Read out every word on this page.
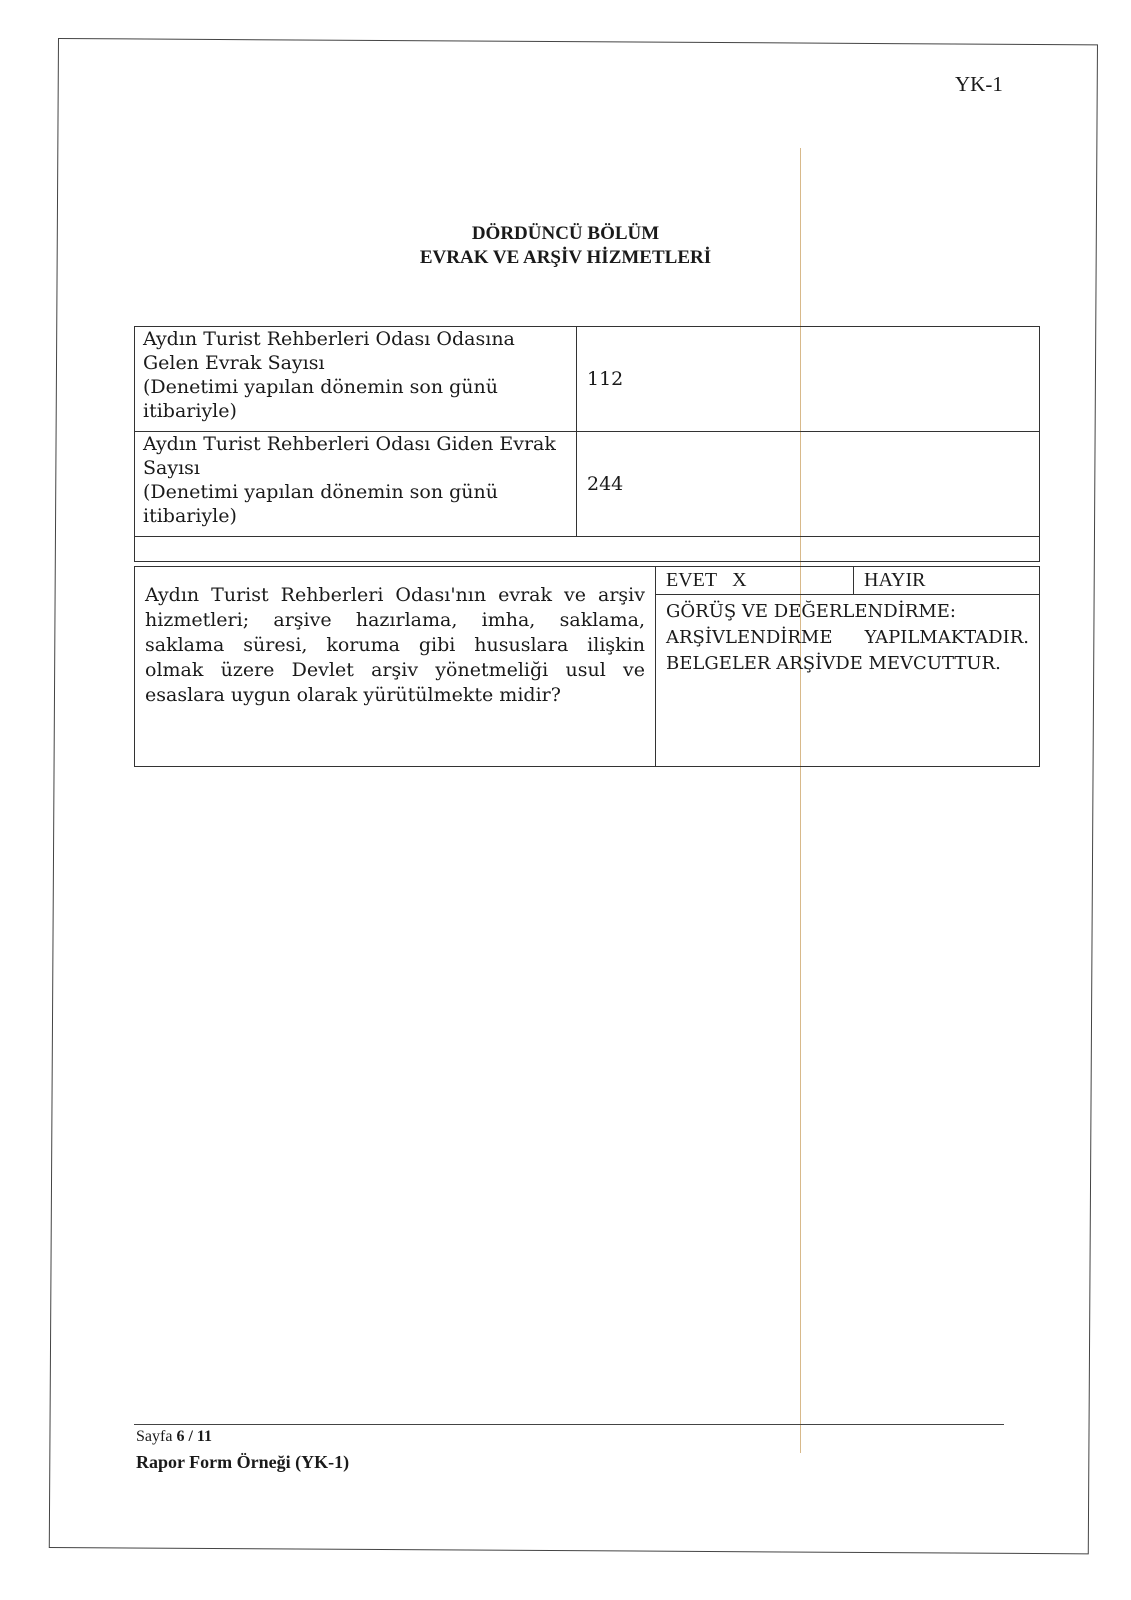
YK-1
DÖRDÜNCÜ BÖLÜM
EVRAK VE ARŞİV HİZMETLERİ
Aydın Turist Rehberleri Odası Odasına
Gelen Evrak Sayısı
(Denetimi yapılan dönemin son günü
itibariyle)	112

Aydın Turist Rehberleri Odası Giden Evrak
Sayısı
(Denetimi yapılan dönemin son günü
itibariyle)	244

Aydın Turist Rehberleri Odası'nın evrak ve arşiv hizmetleri; arşive hazırlama, imha, saklama, saklama süresi, koruma gibi hususlara ilişkin olmak üzere Devlet arşiv yönetmeliği usul ve esaslara uygun olarak yürütülmekte midir?	
EVET X	HAYIR
GÖRÜŞ VE DEĞERLENDİRME:
ARŞİVLENDİRME YAPILMAKTADIR.
BELGELER ARŞİVDE MEVCUTTUR.
Sayfa 6 / 11
Rapor Form Örneği (YK-1)
